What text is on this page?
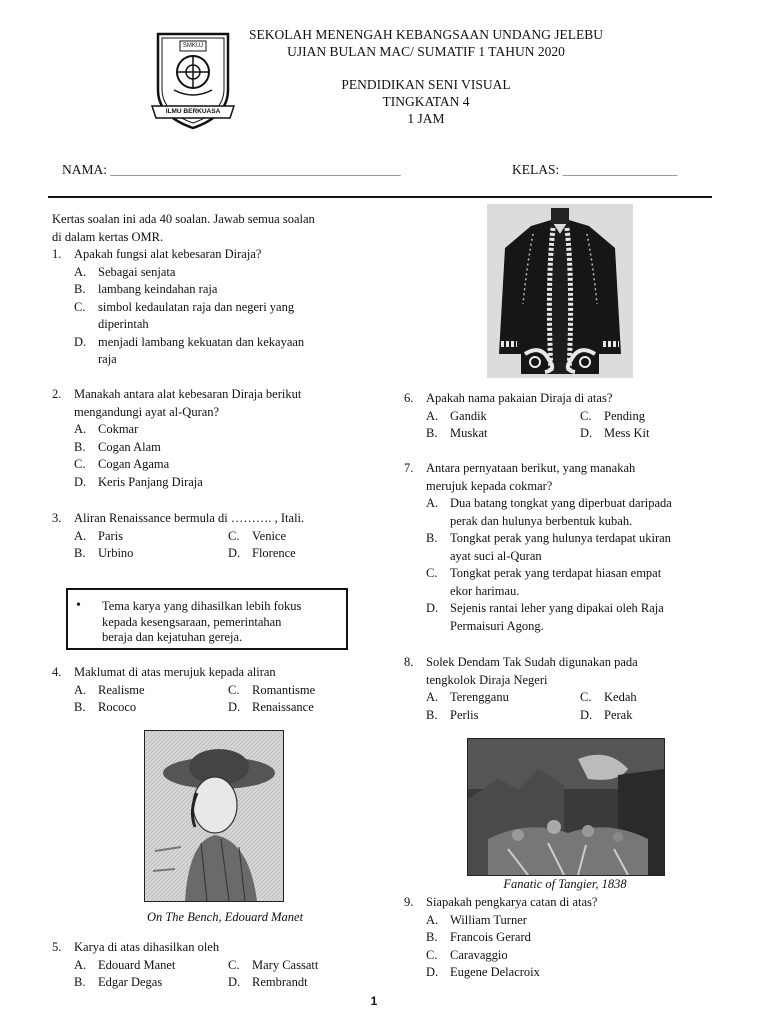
SMKUJ
ILMU BERKUASA
SEKOLAH MENENGAH KEBANGSAAN UNDANG JELEBU
UJIAN BULAN MAC/ SUMATIF 1 TAHUN 2020
PENDIDIKAN SENI VISUAL
TINGKATAN 4
1 JAM
NAMA: ___________________________________________	KELAS: _________________
Kertas soalan ini ada 40 soalan. Jawab semua soalan
di dalam kertas OMR.
1.	Apakah fungsi alat kebesaran Diraja?
A. Sebagai senjata
B.	lambang keindahan raja
C.	simbol kedaulatan raja dan negeri yang
diperintah
D. menjadi lambang kekuatan dan kekayaan
raja
2.	Manakah antara alat kebesaran Diraja berikut
mengandungi ayat al-Quran?
A. Cokmar
B.	Cogan Alam
C.	Cogan Agama
D. Keris Panjang Diraja
3.	Aliran Renaissance bermula di ………. , Itali.
A. Paris	C.	Venice
B.	Urbino	D. Florence
• Tema karya yang dihasilkan lebih fokus
kepada kesengsaraan, pemerintahan
beraja dan kejatuhan gereja.
4.	Maklumat di atas merujuk kepada aliran
A. Realisme	C.	Romantisme
B.	Rococo	D. Renaissance
On The Bench, Edouard Manet
5.	Karya di atas dihasilkan oleh
A. Edouard Manet	C.	Mary Cassatt
B.	Edgar Degas	D. Rembrandt
6.	Apakah nama pakaian Diraja di atas?
A. Gandik	C.	Pending
B.	Muskat	D. Mess Kit
7.	Antara pernyataan berikut, yang manakah
merujuk kepada cokmar?
A. Dua batang tongkat yang diperbuat daripada
perak dan hulunya berbentuk kubah.
B.	Tongkat perak yang hulunya terdapat ukiran
ayat suci al-Quran
C.	Tongkat perak yang terdapat hiasan empat
ekor harimau.
D. Sejenis rantai leher yang dipakai oleh Raja
Permaisuri Agong.
8.	Solek Dendam Tak Sudah digunakan pada
tengkolok Diraja Negeri
A. Terengganu	C.	Kedah
B.	Perlis	D. Perak
Fanatic of Tangier, 1838
9.	Siapakah pengkarya catan di atas?
A. William Turner
B.	Francois Gerard
C.	Caravaggio
D. Eugene Delacroix
1
